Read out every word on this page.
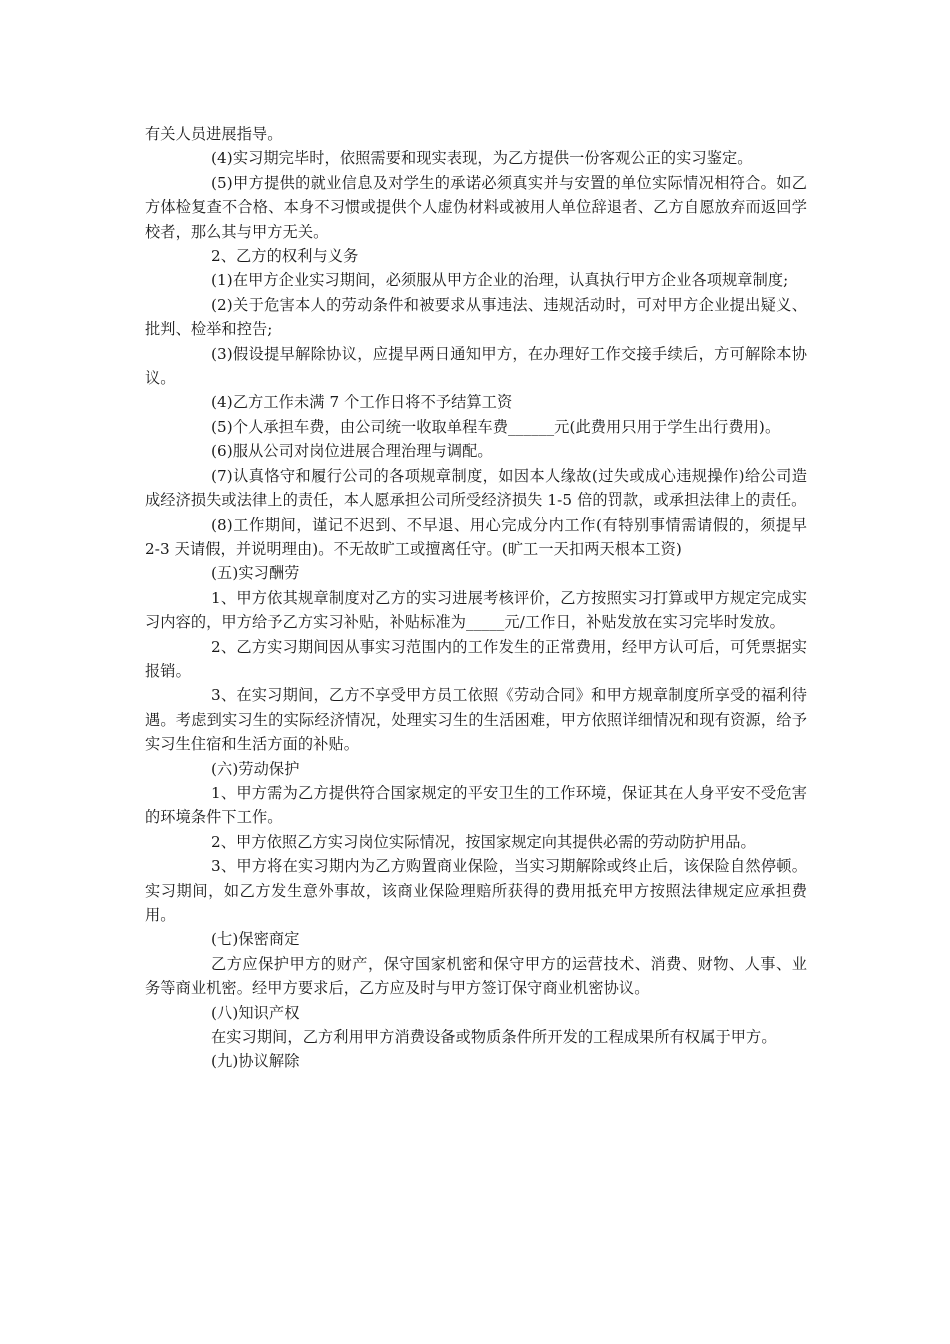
有关人员进展指导。

(4)实习期完毕时，依照需要和现实表现，为乙方提供一份客观公正的实习鉴定。

(5)甲方提供的就业信息及对学生的承诺必须真实并与安置的单位实际情况相符合。如乙方体检复查不合格、本身不习惯或提供个人虚伪材料或被用人单位辞退者、乙方自愿放弃而返回学校者，那么其与甲方无关。

2、乙方的权利与义务

(1)在甲方企业实习期间，必须服从甲方企业的治理，认真执行甲方企业各项规章制度;

(2)关于危害本人的劳动条件和被要求从事违法、违规活动时，可对甲方企业提出疑义、批判、检举和控告;

(3)假设提早解除协议，应提早两日通知甲方，在办理好工作交接手续后，方可解除本协议。

(4)乙方工作未满 7 个工作日将不予结算工资

(5)个人承担车费，由公司统一收取单程车费______元(此费用只用于学生出行费用)。

(6)服从公司对岗位进展合理治理与调配。

(7)认真恪守和履行公司的各项规章制度，如因本人缘故(过失或成心违规操作)给公司造成经济损失或法律上的责任，本人愿承担公司所受经济损失 1-5 倍的罚款，或承担法律上的责任。

(8)工作期间，谨记不迟到、不早退、用心完成分内工作(有特别事情需请假的，须提早 2-3 天请假，并说明理由)。不无故旷工或擅离任守。(旷工一天扣两天根本工资)

(五)实习酬劳

1、甲方依其规章制度对乙方的实习进展考核评价，乙方按照实习打算或甲方规定完成实习内容的，甲方给予乙方实习补贴，补贴标准为_____元/工作日，补贴发放在实习完毕时发放。

2、乙方实习期间因从事实习范围内的工作发生的正常费用，经甲方认可后，可凭票据实报销。

3、在实习期间，乙方不享受甲方员工依照《劳动合同》和甲方规章制度所享受的福利待遇。考虑到实习生的实际经济情况，处理实习生的生活困难，甲方依照详细情况和现有资源，给予实习生住宿和生活方面的补贴。

(六)劳动保护

1、甲方需为乙方提供符合国家规定的平安卫生的工作环境，保证其在人身平安不受危害的环境条件下工作。

2、甲方依照乙方实习岗位实际情况，按国家规定向其提供必需的劳动防护用品。

3、甲方将在实习期内为乙方购置商业保险，当实习期解除或终止后，该保险自然停顿。实习期间，如乙方发生意外事故，该商业保险理赔所获得的费用抵充甲方按照法律规定应承担费用。

(七)保密商定

乙方应保护甲方的财产，保守国家机密和保守甲方的运营技术、消费、财物、人事、业务等商业机密。经甲方要求后，乙方应及时与甲方签订保守商业机密协议。

(八)知识产权

在实习期间，乙方利用甲方消费设备或物质条件所开发的工程成果所有权属于甲方。

(九)协议解除
